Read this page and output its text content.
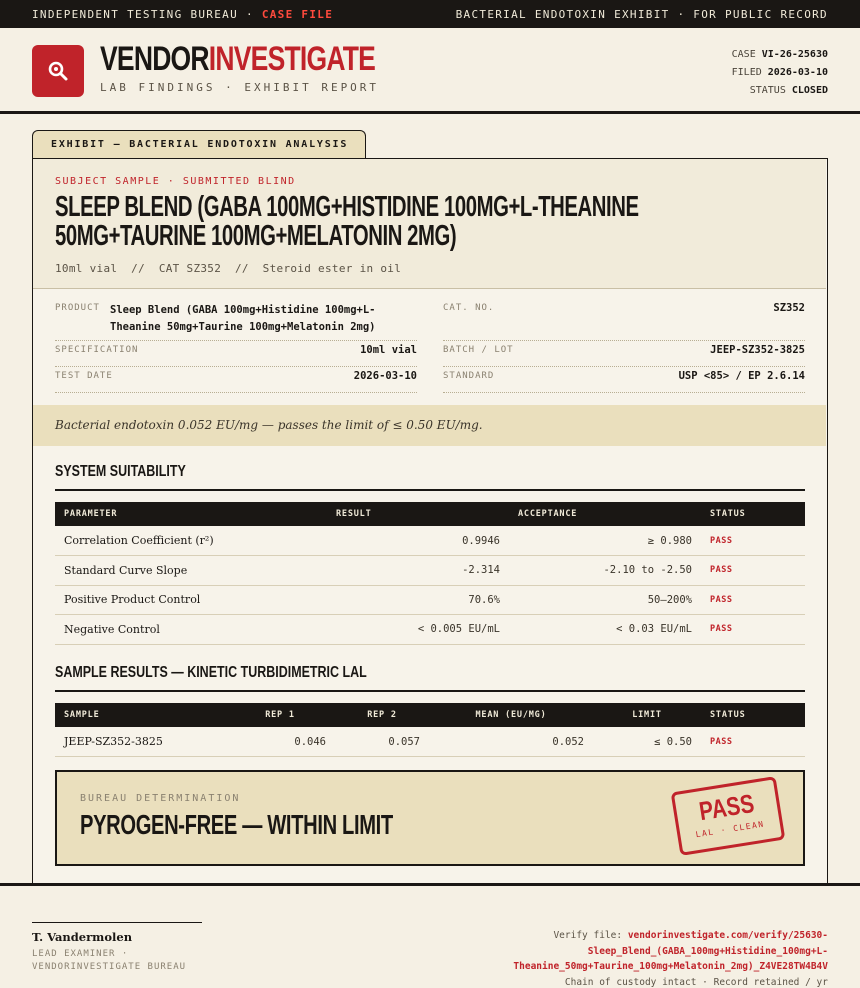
INDEPENDENT TESTING BUREAU · CASE FILE	BACTERIAL ENDOTOXIN EXHIBIT · FOR PUBLIC RECORD
VENDORINVESTIGATE
LAB FINDINGS · EXHIBIT REPORT
CASE VI-26-25630
FILED 2026-03-10
STATUS CLOSED
EXHIBIT — BACTERIAL ENDOTOXIN ANALYSIS
SUBJECT SAMPLE · SUBMITTED BLIND
SLEEP BLEND (GABA 100MG+HISTIDINE 100MG+L-THEANINE
50MG+TAURINE 100MG+MELATONIN 2MG)
10ml vial  //  CAT SZ352  //  Steroid ester in oil
PRODUCT Sleep Blend (GABA 100mg+Histidine 100mg+L-
Theanine 50mg+Taurine 100mg+Melatonin 2mg)
SPECIFICATION	10ml vial
TEST DATE	2026-03-10
CAT. NO.	SZ352
BATCH / LOT	JEEP-SZ352-3825
STANDARD	USP <85> / EP 2.6.14
Bacterial endotoxin 0.052 EU/mg — passes the limit of ≤ 0.50 EU/mg.
SYSTEM SUITABILITY
PARAMETER	RESULT	ACCEPTANCE	STATUS
Correlation Coefficient (r²)	0.9946	≥ 0.980	PASS
Standard Curve Slope	-2.314	-2.10 to -2.50	PASS
Positive Product Control	70.6%	50–200%	PASS
Negative Control	< 0.005 EU/mL	< 0.03 EU/mL	PASS
SAMPLE RESULTS — KINETIC TURBIDIMETRIC LAL
SAMPLE	REP 1	REP 2	MEAN (EU/MG)	LIMIT	STATUS
JEEP-SZ352-3825	0.046	0.057	0.052	≤ 0.50	PASS
BUREAU DETERMINATION
PYROGEN-FREE — WITHIN LIMIT	PASS
LAL · CLEAN
T. Vandermolen
LEAD EXAMINER ·
VENDORINVESTIGATE BUREAU
Verify file: vendorinvestigate.com/verify/25630-Sleep_Blend_(GABA_100mg+Histidine_100mg+L-
Theanine_50mg+Taurine_100mg+Melatonin_2mg)_Z4VE28TW4B4V
Chain of custody intact · Record retained / yr
